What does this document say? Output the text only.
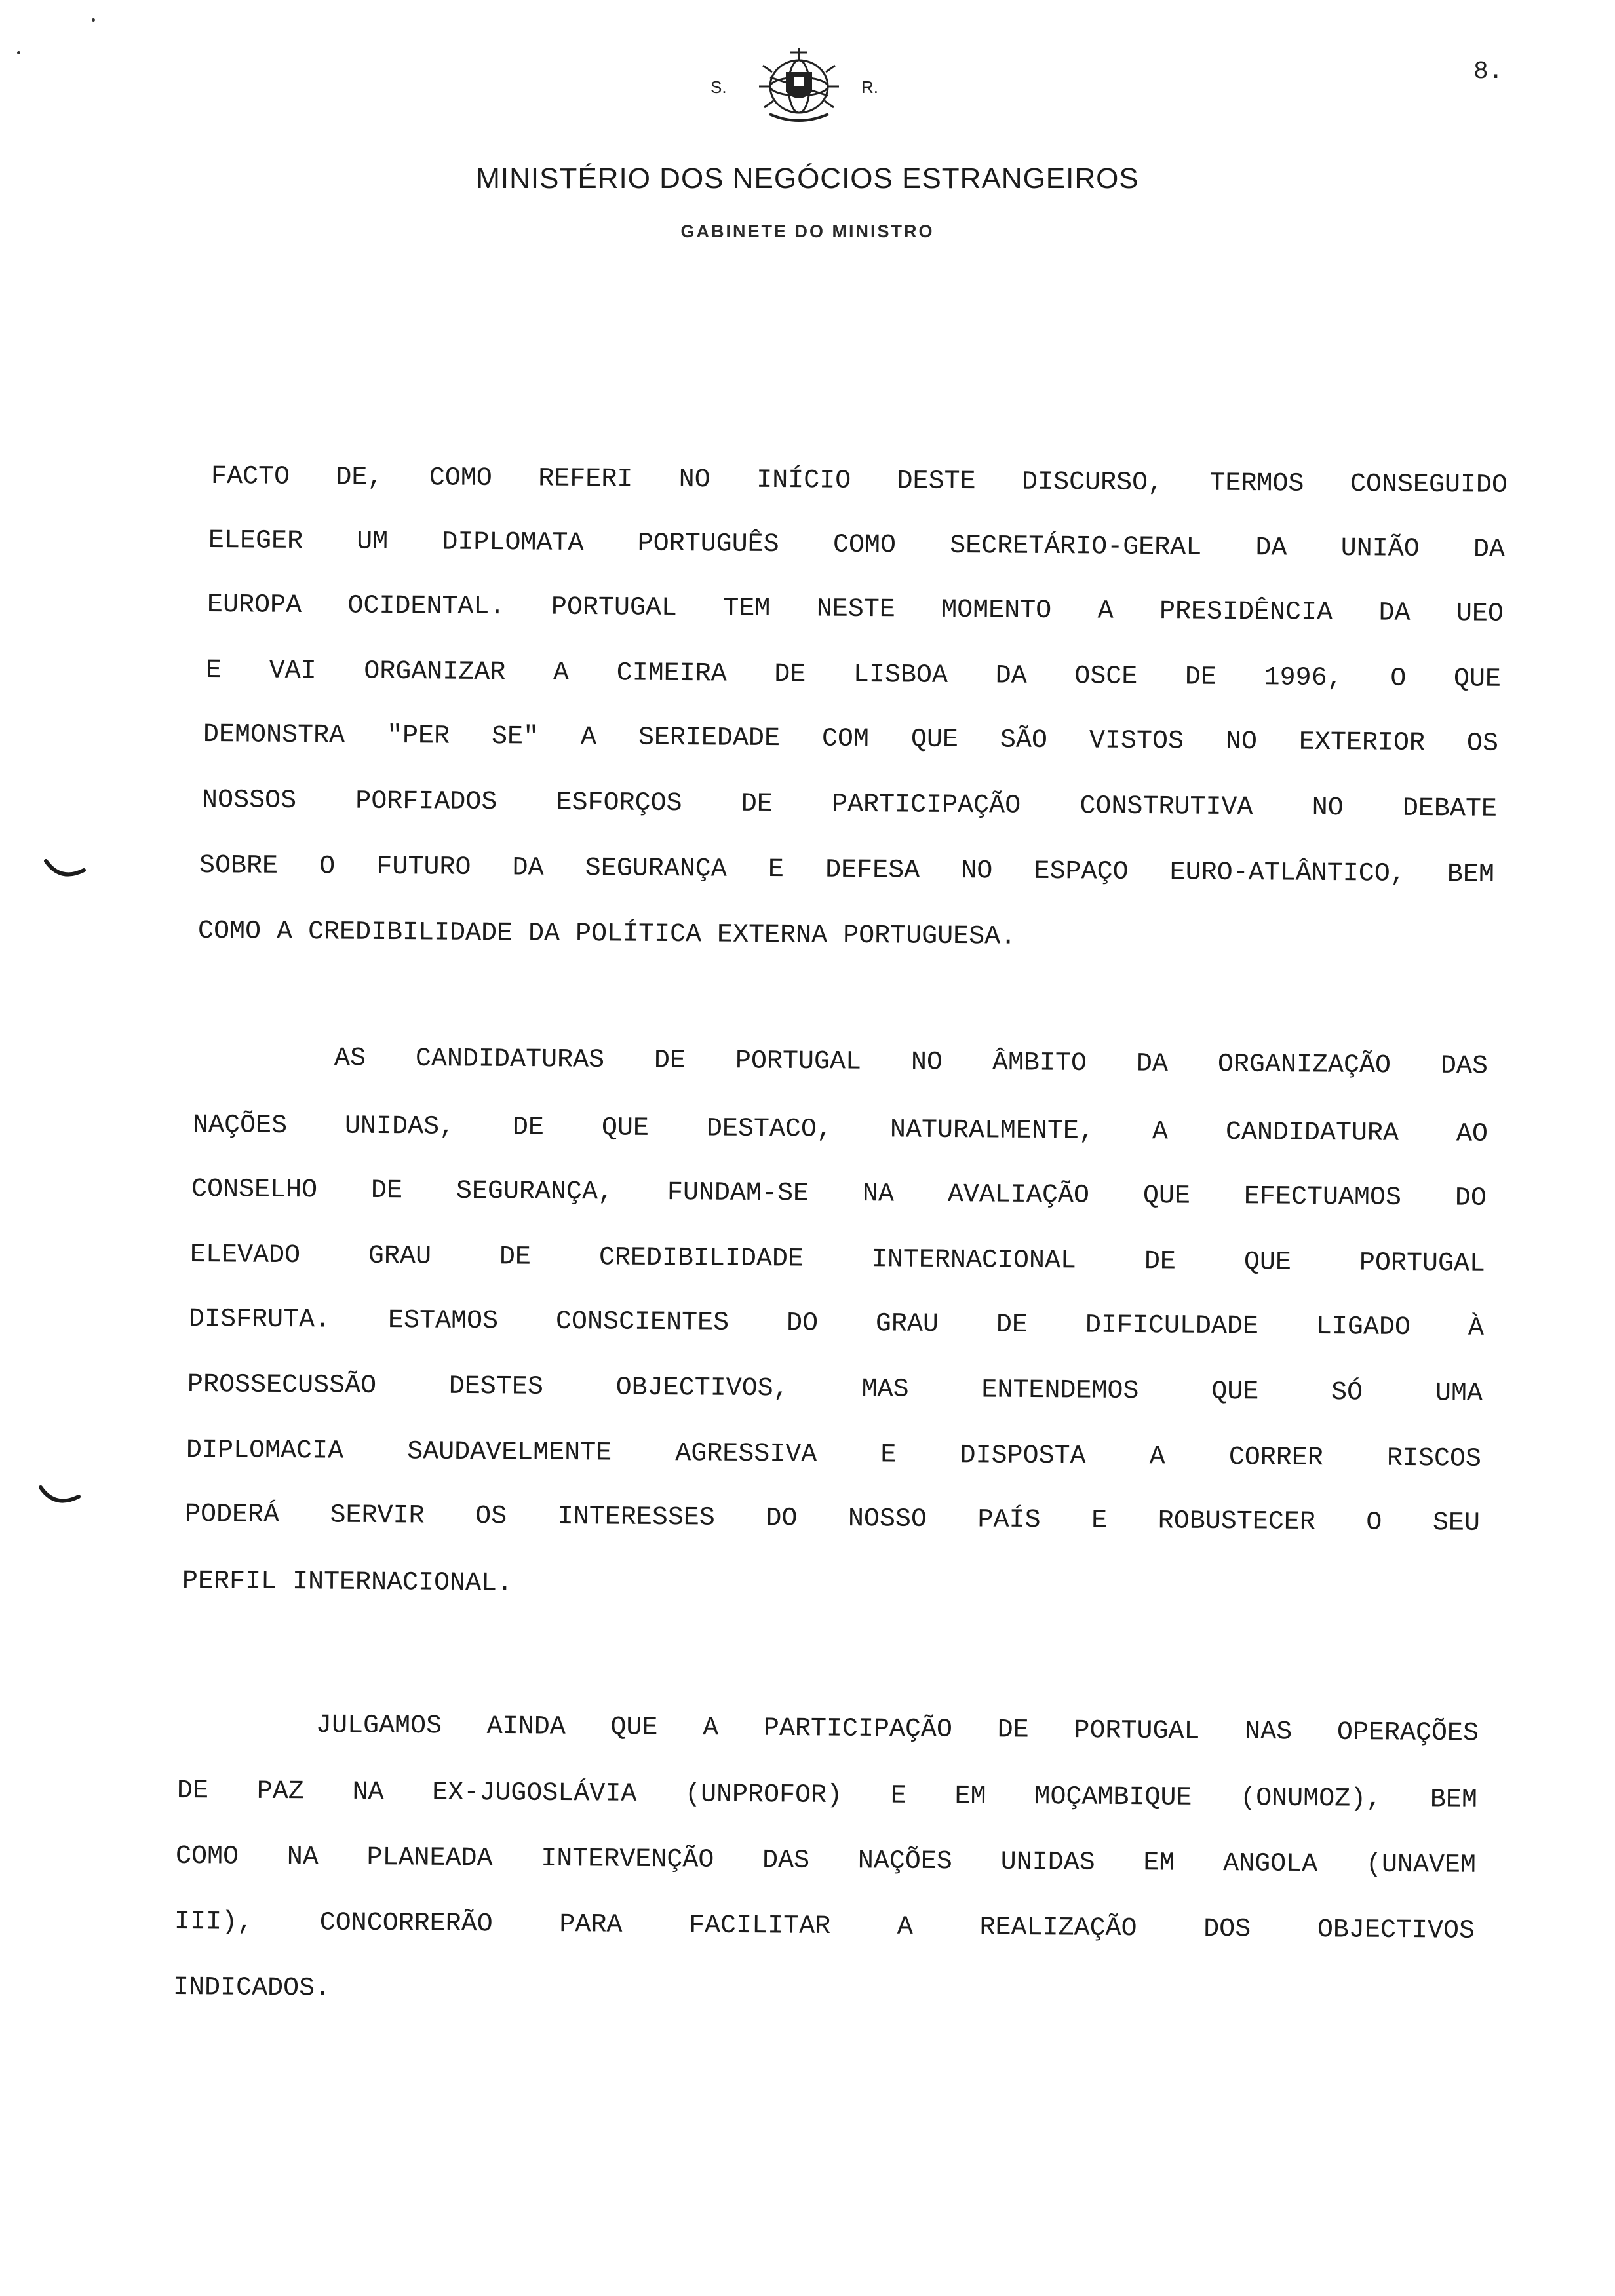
S.	R.
8.
MINISTÉRIO DOS NEGÓCIOS ESTRANGEIROS
GABINETE DO MINISTRO
FACTO DE, COMO REFERI NO INÍCIO DESTE DISCURSO, TERMOS CONSEGUIDO
ELEGER UM DIPLOMATA PORTUGUÊS COMO SECRETÁRIO-GERAL DA UNIÃO DA
EUROPA OCIDENTAL. PORTUGAL TEM NESTE MOMENTO A PRESIDÊNCIA DA UEO
E VAI ORGANIZAR A CIMEIRA DE LISBOA DA OSCE DE 1996, O QUE
DEMONSTRA "PER SE" A SERIEDADE COM QUE SÃO VISTOS NO EXTERIOR OS
NOSSOS PORFIADOS ESFORÇOS DE PARTICIPAÇÃO CONSTRUTIVA NO DEBATE
SOBRE O FUTURO DA SEGURANÇA E DEFESA NO ESPAÇO EURO-ATLÂNTICO, BEM
COMO A CREDIBILIDADE DA POLÍTICA EXTERNA PORTUGUESA.
AS CANDIDATURAS DE PORTUGAL NO ÂMBITO DA ORGANIZAÇÃO DAS
NAÇÕES UNIDAS, DE QUE DESTACO, NATURALMENTE, A CANDIDATURA AO
CONSELHO DE SEGURANÇA, FUNDAM-SE NA AVALIAÇÃO QUE EFECTUAMOS DO
ELEVADO GRAU DE CREDIBILIDADE INTERNACIONAL DE QUE PORTUGAL
DISFRUTA. ESTAMOS CONSCIENTES DO GRAU DE DIFICULDADE LIGADO À
PROSSECUSSÃO DESTES OBJECTIVOS, MAS ENTENDEMOS QUE SÓ UMA
DIPLOMACIA SAUDAVELMENTE AGRESSIVA E DISPOSTA A CORRER RISCOS
PODERÁ SERVIR OS INTERESSES DO NOSSO PAÍS E ROBUSTECER O SEU
PERFIL INTERNACIONAL.
JULGAMOS AINDA QUE A PARTICIPAÇÃO DE PORTUGAL NAS OPERAÇÕES
DE PAZ NA EX-JUGOSLÁVIA (UNPROFOR) E EM MOÇAMBIQUE (ONUMOZ), BEM
COMO NA PLANEADA INTERVENÇÃO DAS NAÇÕES UNIDAS EM ANGOLA (UNAVEM
III), CONCORRERÃO PARA FACILITAR A REALIZAÇÃO DOS OBJECTIVOS
INDICADOS.
